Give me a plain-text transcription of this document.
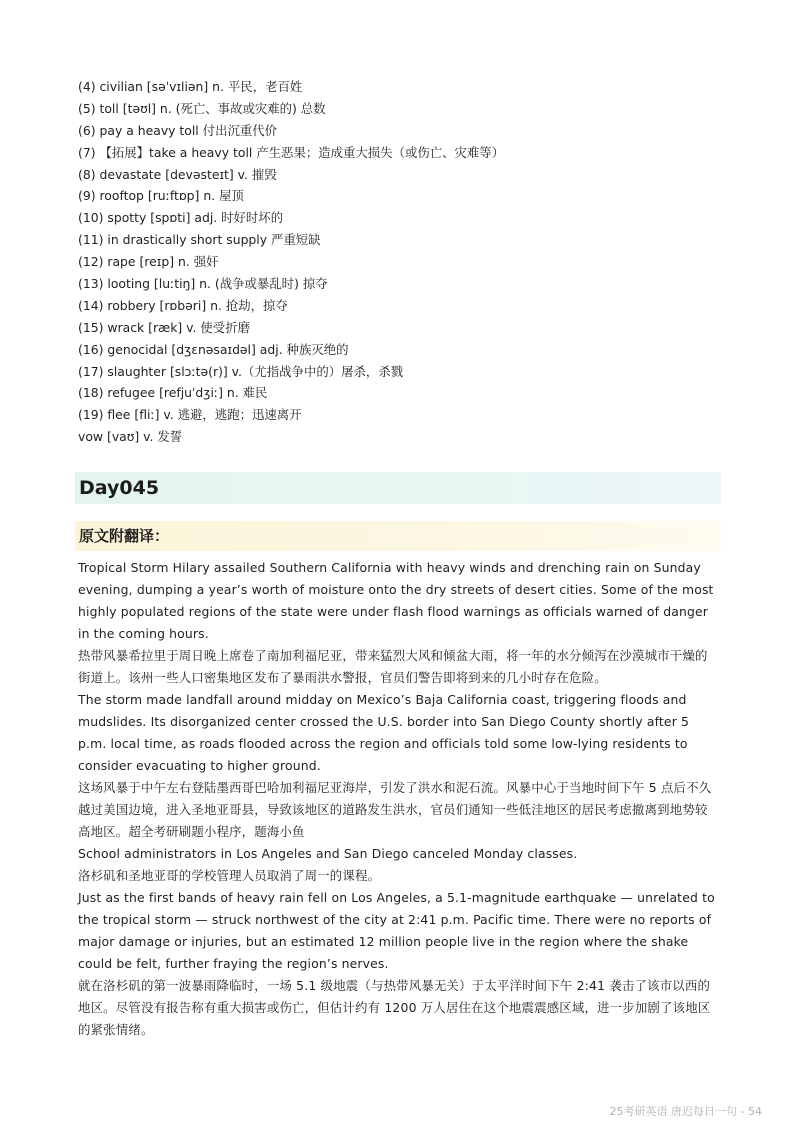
(4) civilian [səˈvɪliən] n. 平民，老百姓
(5) toll [təʊl] n. (死亡、事故或灾难的) 总数
(6) pay a heavy toll 付出沉重代价
(7) 【拓展】take a heavy toll 产生恶果；造成重大损失（或伤亡、灾难等）
(8) devastate [devəsteɪt] v. 摧毁
(9) rooftop [ruːftɒp] n. 屋顶
(10) spotty [spɒti] adj. 时好时坏的
(11) in drastically short supply 严重短缺
(12) rape [reɪp] n. 强奸
(13) looting [luːtiŋ] n. (战争或暴乱时) 掠夺
(14) robbery [rɒbəri] n. 抢劫，掠夺
(15) wrack [ræk] v. 使受折磨
(16) genocidal [dʒɛnəsaɪdəl] adj. 种族灭绝的
(17) slaughter [slɔːtə(r)] v.（尤指战争中的）屠杀，杀戮
(18) refugee [refjuˈdʒiː] n. 难民
(19) flee [fliː] v. 逃避，逃跑；迅速离开
vow [vaʊ] v. 发誓
Day045
原文附翻译：

Tropical Storm Hilary assailed Southern California with heavy winds and drenching rain on Sunday evening, dumping a year’s worth of moisture onto the dry streets of desert cities. Some of the most highly populated regions of the state were under flash flood warnings as officials warned of danger in the coming hours.

热带风暴希拉里于周日晚上席卷了南加利福尼亚，带来猛烈大风和倾盆大雨，将一年的水分倾泻在沙漠城市干燥的街道上。该州一些人口密集地区发布了暴雨洪水警报，官员们警告即将到来的几小时存在危险。

The storm made landfall around midday on Mexico’s Baja California coast, triggering floods and mudslides. Its disorganized center crossed the U.S. border into San Diego County shortly after 5 p.m. local time, as roads flooded across the region and officials told some low-lying residents to consider evacuating to higher ground.

这场风暴于中午左右登陆墨西哥巴哈加利福尼亚海岸，引发了洪水和泥石流。风暴中心于当地时间下午 5 点后不久越过美国边境，进入圣地亚哥县，导致该地区的道路发生洪水，官员们通知一些低洼地区的居民考虑撤离到地势较高地区。超全考研刷题小程序，题海小鱼

School administrators in Los Angeles and San Diego canceled Monday classes.

洛杉矶和圣地亚哥的学校管理人员取消了周一的课程。

Just as the first bands of heavy rain fell on Los Angeles, a 5.1-magnitude earthquake — unrelated to the tropical storm — struck northwest of the city at 2:41 p.m. Pacific time. There were no reports of major damage or injuries, but an estimated 12 million people live in the region where the shake could be felt, further fraying the region’s nerves.

就在洛杉矶的第一波暴雨降临时，一场 5.1 级地震（与热带风暴无关）于太平洋时间下午 2:41 袭击了该市以西的地区。尽管没有报告称有重大损害或伤亡，但估计约有 1200 万人居住在这个地震震感区域，进一步加剧了该地区的紧张情绪。

25考研英语 唐迟每日一句 - 54
